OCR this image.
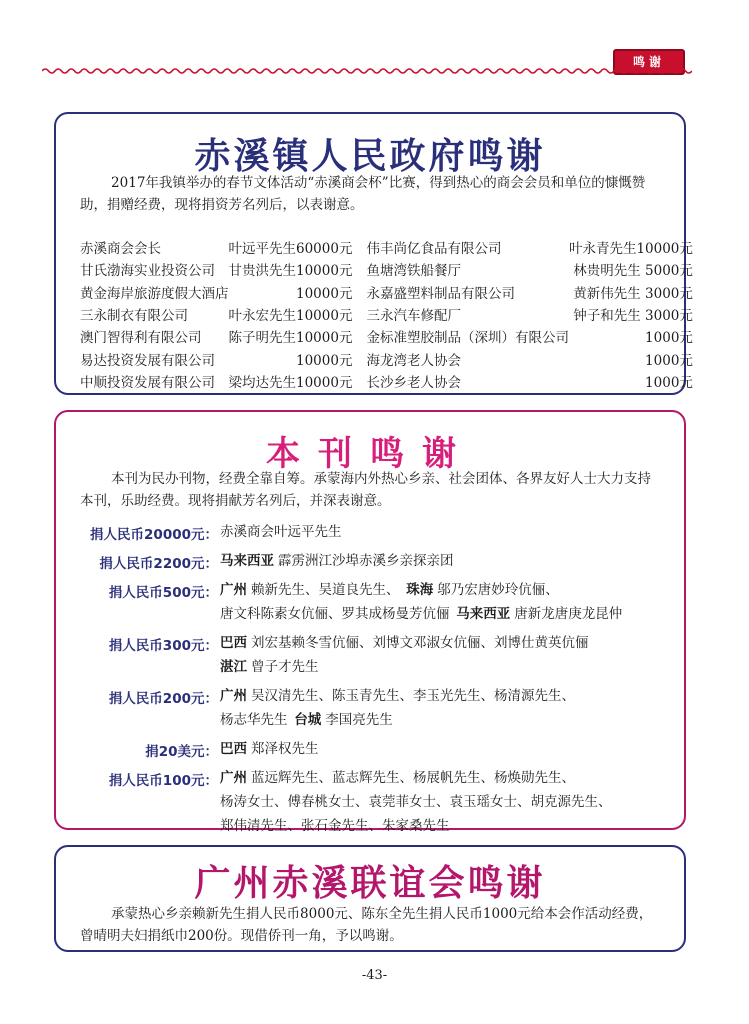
鸣谢
赤溪镇人民政府鸣谢
2017年我镇举办的春节文体活动“赤溪商会杯”比赛，得到热心的商会会员和单位的慷慨赞助，捐赠经费，现将捐资芳名列后，以表谢意。
赤溪商会会长	叶远平先生60000元	伟丰尚亿食品有限公司	叶永青先生10000元
甘氏渤海实业投资公司	甘贵洪先生10000元	鱼塘湾铁船餐厅	林贵明先生 5000元
黄金海岸旅游度假大酒店	10000元	永嘉盛塑料制品有限公司	黄新伟先生 3000元
三永制衣有限公司	叶永宏先生10000元	三永汽车修配厂	钟子和先生 3000元
澳门智得利有限公司	陈子明先生10000元	金标准塑胶制品（深圳）有限公司	1000元
易达投资发展有限公司	10000元	海龙湾老人协会	1000元
中顺投资发展有限公司	梁均达先生10000元	长沙乡老人协会	1000元
本刊鸣谢
本刊为民办刊物，经费全靠自筹。承蒙海内外热心乡亲、社会团体、各界友好人士大力支持本刊，乐助经费。现将捐献芳名列后，并深表谢意。
捐人民币20000元： 赤溪商会叶远平先生
捐人民币2200元： 马来西亚 霹雳洲江沙埠赤溪乡亲探亲团
捐人民币500元： 广州 赖新先生、吴道良先生、  珠海 邬乃宏唐妙玲伉俪、
唐文科陈素女伉俪、罗其成杨曼芳伉俪  马来西亚 唐新龙唐庚龙昆仲
捐人民币300元： 巴西 刘宏基赖冬雪伉俪、刘博文邓淑女伉俪、刘博仕黄英伉俪
湛江 曾子才先生
捐人民币200元： 广州 吴汉清先生、陈玉青先生、李玉光先生、杨清源先生、
杨志华先生  台城 李国亮先生
捐20美元： 巴西 郑泽权先生
捐人民币100元： 广州 蓝远辉先生、蓝志辉先生、杨展帆先生、杨焕勋先生、
杨涛女士、傅春桃女士、袁莞菲女士、袁玉瑶女士、胡克源先生、
郑伟清先生、张石金先生、朱家桑先生
广州赤溪联谊会鸣谢
承蒙热心乡亲赖新先生捐人民币8000元、陈东全先生捐人民币1000元给本会作活动经费，曾晴明夫妇捐纸巾200份。现借侨刊一角，予以鸣谢。
-43-
